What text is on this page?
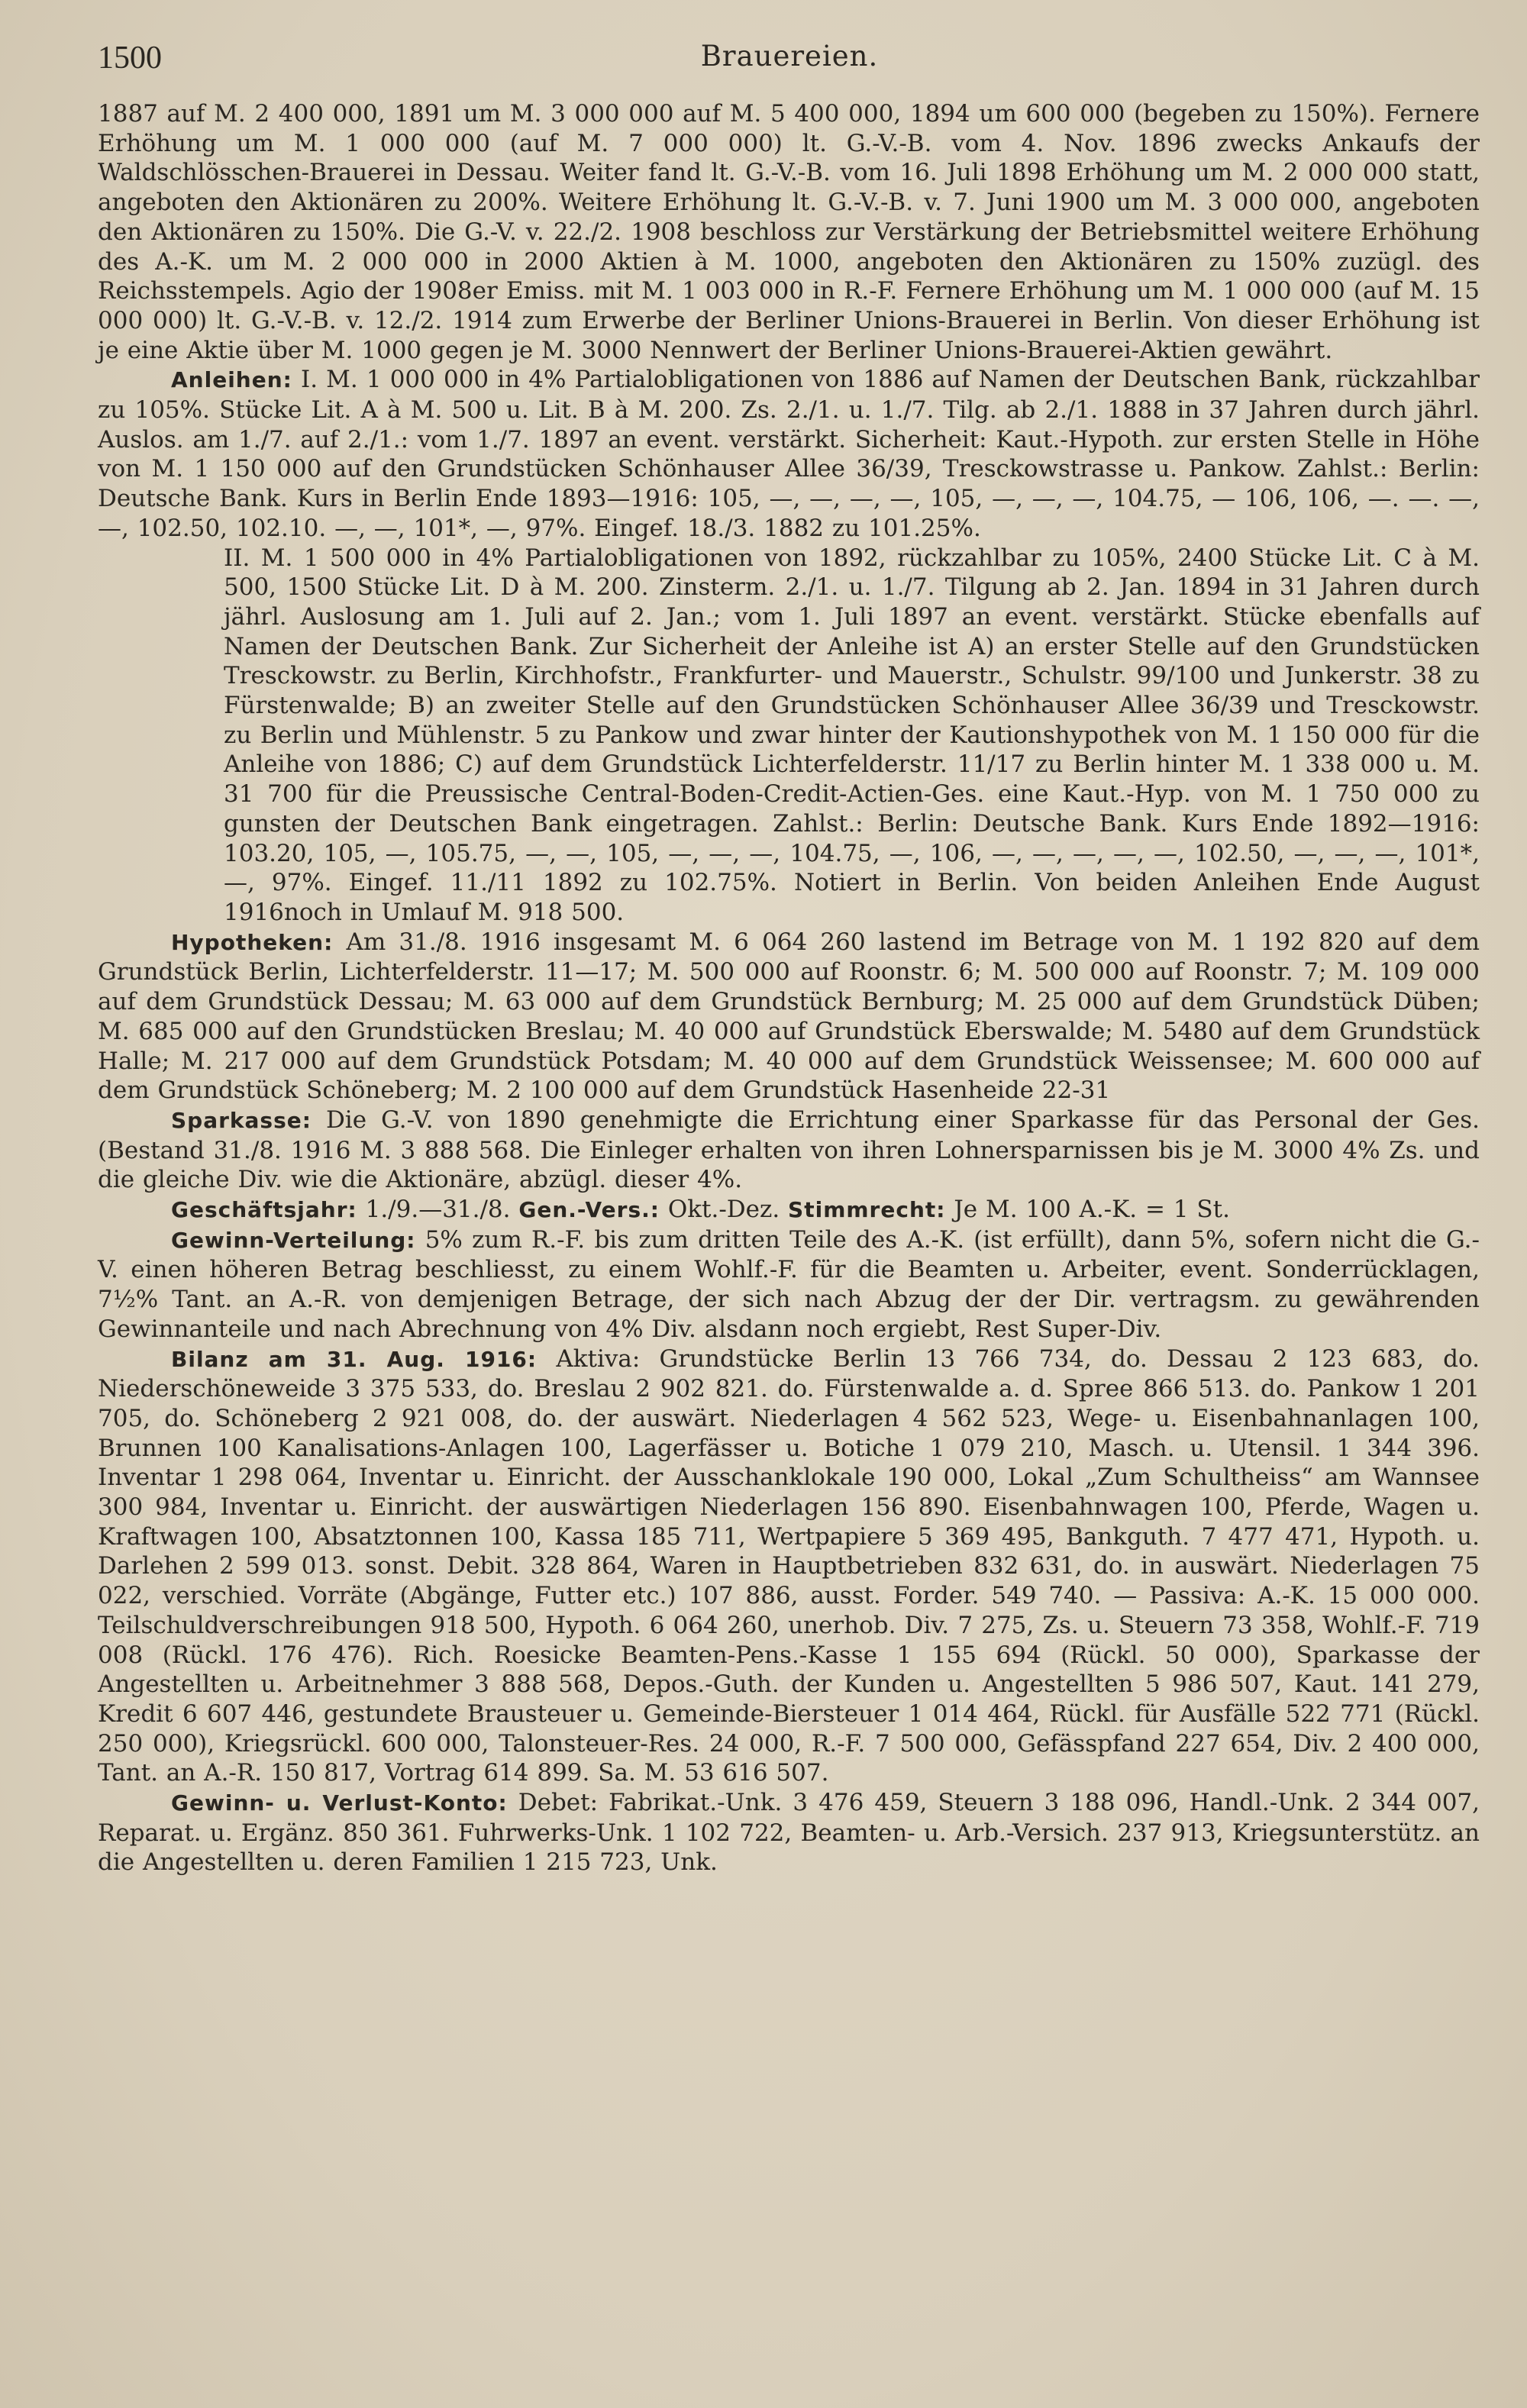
1500	Brauereien.

1887 auf M. 2 400 000, 1891 um M. 3 000 000 auf M. 5 400 000, 1894 um 600 000 (begeben zu 150%). Fernere Erhöhung um M. 1 000 000 (auf M. 7 000 000) lt. G.-V.-B. vom 4. Nov. 1896 zwecks Ankaufs der Waldschlösschen-Brauerei in Dessau. Weiter fand lt. G.-V.-B. vom 16. Juli 1898 Erhöhung um M. 2 000 000 statt, angeboten den Aktionären zu 200%. Weitere Erhöhung lt. G.-V.-B. v. 7. Juni 1900 um M. 3 000 000, angeboten den Aktionären zu 150%. Die G.-V. v. 22./2. 1908 beschloss zur Verstärkung der Betriebsmittel weitere Erhöhung des A.-K. um M. 2 000 000 in 2000 Aktien à M. 1000, angeboten den Aktionären zu 150% zuzügl. des Reichsstempels. Agio der 1908er Emiss. mit M. 1 003 000 in R.-F. Fernere Erhöhung um M. 1 000 000 (auf M. 15 000 000) lt. G.-V.-B. v. 12./2. 1914 zum Erwerbe der Berliner Unions-Brauerei in Berlin. Von dieser Erhöhung ist je eine Aktie über M. 1000 gegen je M. 3000 Nennwert der Berliner Unions-Brauerei-Aktien gewährt.

Anleihen: I. M. 1 000 000 in 4% Partialobligationen von 1886 auf Namen der Deutschen Bank, rückzahlbar zu 105%. Stücke Lit. A à M. 500 u. Lit. B à M. 200. Zs. 2./1. u. 1./7. Tilg. ab 2./1. 1888 in 37 Jahren durch jährl. Auslos. am 1./7. auf 2./1.: vom 1./7. 1897 an event. verstärkt. Sicherheit: Kaut.-Hypoth. zur ersten Stelle in Höhe von M. 1 150 000 auf den Grundstücken Schönhauser Allee 36/39, Tresckowstrasse u. Pankow. Zahlst.: Berlin: Deutsche Bank. Kurs in Berlin Ende 1893—1916: 105, —, —, —, —, 105, —, —, —, 104.75, — 106, 106, —. —. —, —, 102.50, 102.10. —, —, 101*, —, 97%. Eingef. 18./3. 1882 zu 101.25%.

II. M. 1 500 000 in 4% Partialobligationen von 1892, rückzahlbar zu 105%, 2400 Stücke Lit. C à M. 500, 1500 Stücke Lit. D à M. 200. Zinsterm. 2./1. u. 1./7. Tilgung ab 2. Jan. 1894 in 31 Jahren durch jährl. Auslosung am 1. Juli auf 2. Jan.; vom 1. Juli 1897 an event. verstärkt. Stücke ebenfalls auf Namen der Deutschen Bank. Zur Sicherheit der Anleihe ist A) an erster Stelle auf den Grundstücken Tresckowstr. zu Berlin, Kirchhofstr., Frankfurter- und Mauerstr., Schulstr. 99/100 und Junkerstr. 38 zu Fürstenwalde; B) an zweiter Stelle auf den Grundstücken Schönhauser Allee 36/39 und Tresckowstr. zu Berlin und Mühlenstr. 5 zu Pankow und zwar hinter der Kautionshypothek von M. 1 150 000 für die Anleihe von 1886; C) auf dem Grundstück Lichterfelderstr. 11/17 zu Berlin hinter M. 1 338 000 u. M. 31 700 für die Preussische Central-Boden-Credit-Actien-Ges. eine Kaut.-Hyp. von M. 1 750 000 zu gunsten der Deutschen Bank eingetragen. Zahlst.: Berlin: Deutsche Bank. Kurs Ende 1892—1916: 103.20, 105, —, 105.75, —, —, 105, —, —, —, 104.75, —, 106, —, —, —, —, —, 102.50, —, —, —, 101*, —, 97%. Eingef. 11./11 1892 zu 102.75%. Notiert in Berlin. Von beiden Anleihen Ende August 1916noch in Umlauf M. 918 500.

Hypotheken: Am 31./8. 1916 insgesamt M. 6 064 260 lastend im Betrage von M. 1 192 820 auf dem Grundstück Berlin, Lichterfelderstr. 11—17; M. 500 000 auf Roonstr. 6; M. 500 000 auf Roonstr. 7; M. 109 000 auf dem Grundstück Dessau; M. 63 000 auf dem Grundstück Bernburg; M. 25 000 auf dem Grundstück Düben; M. 685 000 auf den Grundstücken Breslau; M. 40 000 auf Grundstück Eberswalde; M. 5480 auf dem Grundstück Halle; M. 217 000 auf dem Grundstück Potsdam; M. 40 000 auf dem Grundstück Weissensee; M. 600 000 auf dem Grundstück Schöneberg; M. 2 100 000 auf dem Grundstück Hasenheide 22-31

Sparkasse: Die G.-V. von 1890 genehmigte die Errichtung einer Sparkasse für das Personal der Ges. (Bestand 31./8. 1916 M. 3 888 568. Die Einleger erhalten von ihren Lohnersparnissen bis je M. 3000 4% Zs. und die gleiche Div. wie die Aktionäre, abzügl. dieser 4%.

Geschäftsjahr: 1./9.—31./8. Gen.-Vers.: Okt.-Dez. Stimmrecht: Je M. 100 A.-K. = 1 St.

Gewinn-Verteilung: 5% zum R.-F. bis zum dritten Teile des A.-K. (ist erfüllt), dann 5%, sofern nicht die G.-V. einen höheren Betrag beschliesst, zu einem Wohlf.-F. für die Beamten u. Arbeiter, event. Sonderrücklagen, 7½% Tant. an A.-R. von demjenigen Betrage, der sich nach Abzug der der Dir. vertragsm. zu gewährenden Gewinnanteile und nach Abrechnung von 4% Div. alsdann noch ergiebt, Rest Super-Div.

Bilanz am 31. Aug. 1916: Aktiva: Grundstücke Berlin 13 766 734, do. Dessau 2 123 683, do. Niederschöneweide 3 375 533, do. Breslau 2 902 821. do. Fürstenwalde a. d. Spree 866 513. do. Pankow 1 201 705, do. Schöneberg 2 921 008, do. der auswärt. Niederlagen 4 562 523, Wege- u. Eisenbahnanlagen 100, Brunnen 100 Kanalisations-Anlagen 100, Lagerfässer u. Botiche 1 079 210, Masch. u. Utensil. 1 344 396. Inventar 1 298 064, Inventar u. Einricht. der Ausschanklokale 190 000, Lokal „Zum Schultheiss“ am Wannsee 300 984, Inventar u. Einricht. der auswärtigen Niederlagen 156 890. Eisenbahnwagen 100, Pferde, Wagen u. Kraftwagen 100, Absatztonnen 100, Kassa 185 711, Wertpapiere 5 369 495, Bankguth. 7 477 471, Hypoth. u. Darlehen 2 599 013. sonst. Debit. 328 864, Waren in Hauptbetrieben 832 631, do. in auswärt. Niederlagen 75 022, verschied. Vorräte (Abgänge, Futter etc.) 107 886, ausst. Forder. 549 740. — Passiva: A.-K. 15 000 000. Teilschuldverschreibungen 918 500, Hypoth. 6 064 260, unerhob. Div. 7 275, Zs. u. Steuern 73 358, Wohlf.-F. 719 008 (Rückl. 176 476). Rich. Roesicke Beamten-Pens.-Kasse 1 155 694 (Rückl. 50 000), Sparkasse der Angestellten u. Arbeitnehmer 3 888 568, Depos.-Guth. der Kunden u. Angestellten 5 986 507, Kaut. 141 279, Kredit 6 607 446, gestundete Brausteuer u. Gemeinde-Biersteuer 1 014 464, Rückl. für Ausfälle 522 771 (Rückl. 250 000), Kriegsrückl. 600 000, Talonsteuer-Res. 24 000, R.-F. 7 500 000, Gefässpfand 227 654, Div. 2 400 000, Tant. an A.-R. 150 817, Vortrag 614 899. Sa. M. 53 616 507.

Gewinn- u. Verlust-Konto: Debet: Fabrikat.-Unk. 3 476 459, Steuern 3 188 096, Handl.-Unk. 2 344 007, Reparat. u. Ergänz. 850 361. Fuhrwerks-Unk. 1 102 722, Beamten- u. Arb.-Versich. 237 913, Kriegsunterstütz. an die Angestellten u. deren Familien 1 215 723, Unk.
